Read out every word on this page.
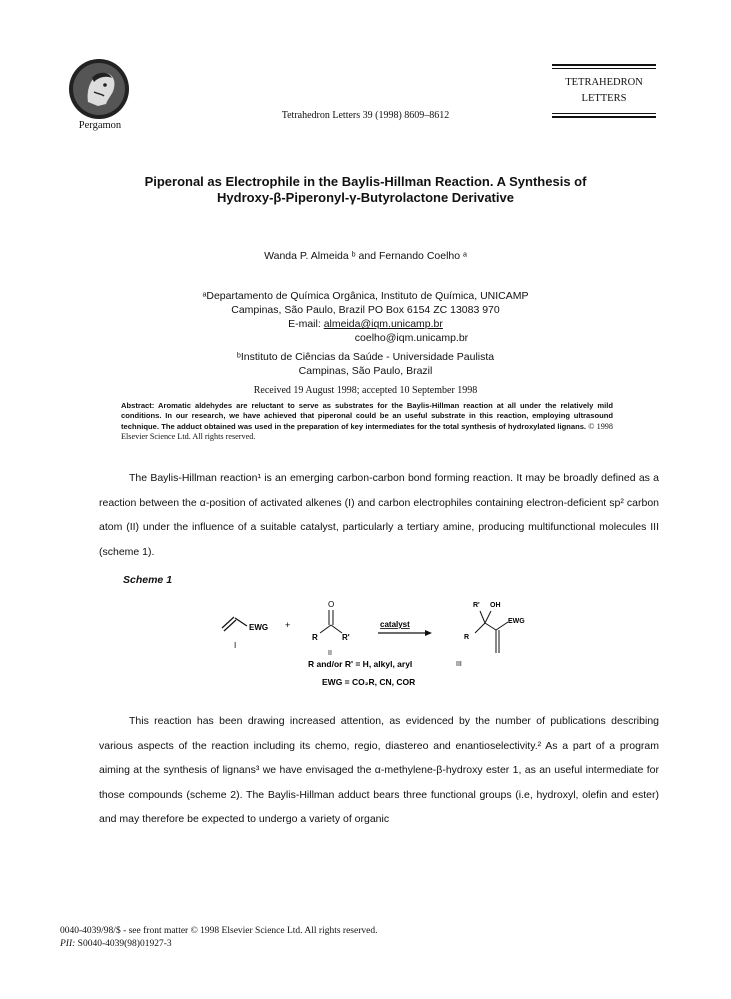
Pergamon
Tetrahedron Letters 39 (1998) 8609–8612
TETRAHEDRON
LETTERS
Piperonal as Electrophile in the Baylis-Hillman Reaction. A Synthesis of
Hydroxy-β-Piperonyl-γ-Butyrolactone Derivative
Wanda P. Almeida ᵇ and Fernando Coelho ᵃ
ᵃDepartamento de Química Orgânica, Instituto de Química, UNICAMP
Campinas, São Paulo, Brazil PO Box 6154 ZC 13083 970
E-mail: almeida@iqm.unicamp.br
coelho@iqm.unicamp.br
ᵇInstituto de Ciências da Saúde - Universidade Paulista
Campinas, São Paulo, Brazil
Received 19 August 1998; accepted 10 September 1998
Abstract: Aromatic aldehydes are reluctant to serve as substrates for the Baylis-Hillman reaction at all under the relatively mild conditions. In our research, we have achieved that piperonal could be an useful substrate in this reaction, employing ultrasound technique. The adduct obtained was used in the preparation of key intermediates for the total synthesis of hydroxylated lignans. © 1998 Elsevier Science Ltd. All rights reserved.
The Baylis-Hillman reaction¹ is an emerging carbon-carbon bond forming reaction. It may be broadly defined as a reaction between the α-position of activated alkenes (I) and carbon electrophiles containing electron-deficient sp² carbon atom (II) under the influence of a suitable catalyst, particularly a tertiary amine, producing multifunctional molecules III (scheme 1).
Scheme 1
EWG
I
+
O
R	R'
II
catalyst
R' OH
R
EWG
III
R and/or R' = H, alkyl, aryl
EWG = CO₂R, CN, COR
This reaction has been drawing increased attention, as evidenced by the number of publications describing various aspects of the reaction including its chemo, regio, diastereo and enantioselectivity.² As a part of a program aiming at the synthesis of lignans³ we have envisaged the α-methylene-β-hydroxy ester 1, as an useful intermediate for those compounds (scheme 2). The Baylis-Hillman adduct bears three functional groups (i.e, hydroxyl, olefin and ester) and may therefore be expected to undergo a variety of organic
0040-4039/98/$ - see front matter © 1998 Elsevier Science Ltd. All rights reserved.
PII: S0040-4039(98)01927-3
